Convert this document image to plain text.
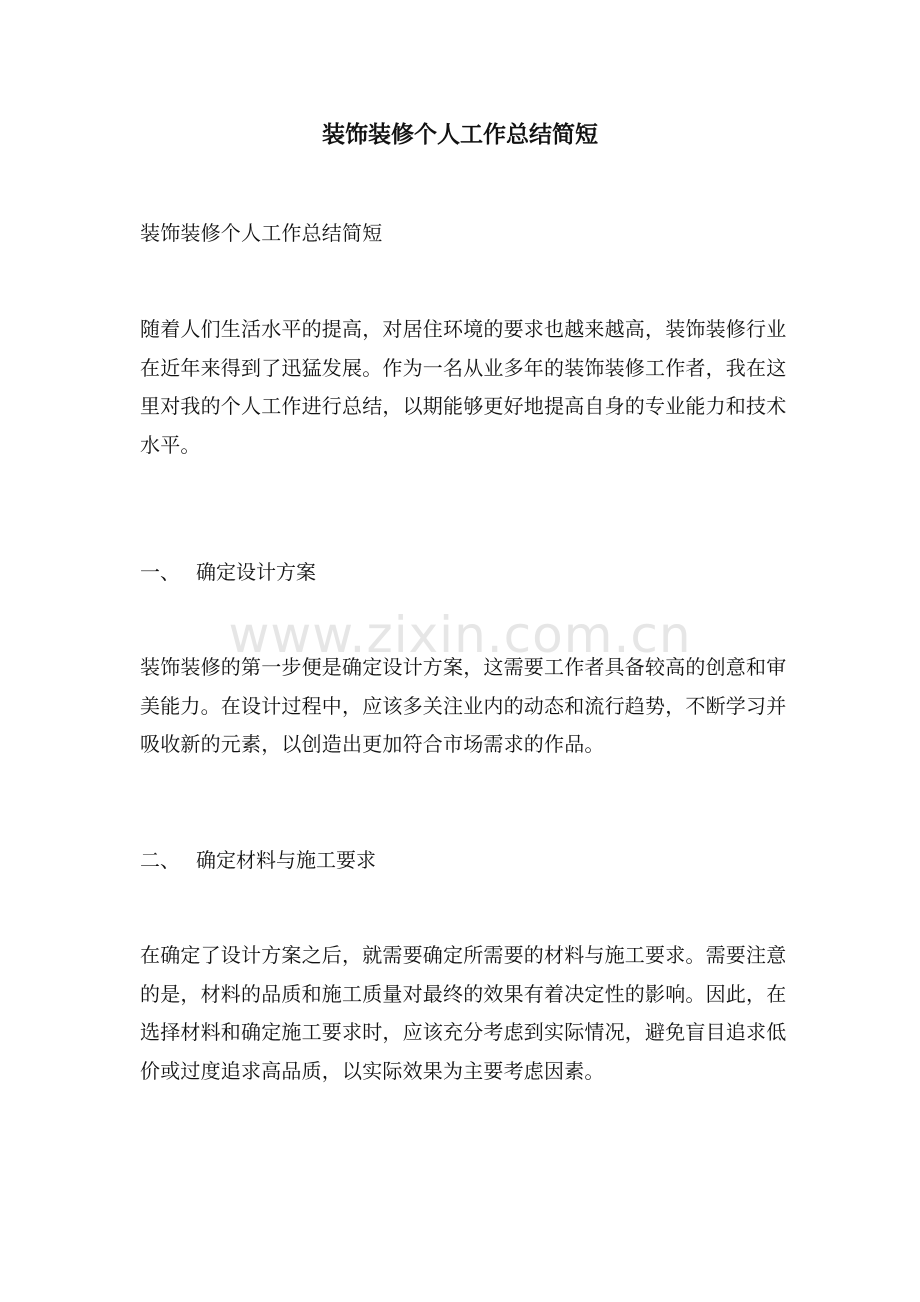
www.zixin.com.cn
装饰装修个人工作总结简短

装饰装修个人工作总结简短

随着人们生活水平的提高，对居住环境的要求也越来越高，装饰装修行业在近年来得到了迅猛发展。作为一名从业多年的装饰装修工作者，我在这里对我的个人工作进行总结，以期能够更好地提高自身的专业能力和技术水平。

一、 确定设计方案

装饰装修的第一步便是确定设计方案，这需要工作者具备较高的创意和审美能力。在设计过程中，应该多关注业内的动态和流行趋势，不断学习并吸收新的元素，以创造出更加符合市场需求的作品。

二、 确定材料与施工要求

在确定了设计方案之后，就需要确定所需要的材料与施工要求。需要注意的是，材料的品质和施工质量对最终的效果有着决定性的影响。因此，在选择材料和确定施工要求时，应该充分考虑到实际情况，避免盲目追求低价或过度追求高品质，以实际效果为主要考虑因素。
